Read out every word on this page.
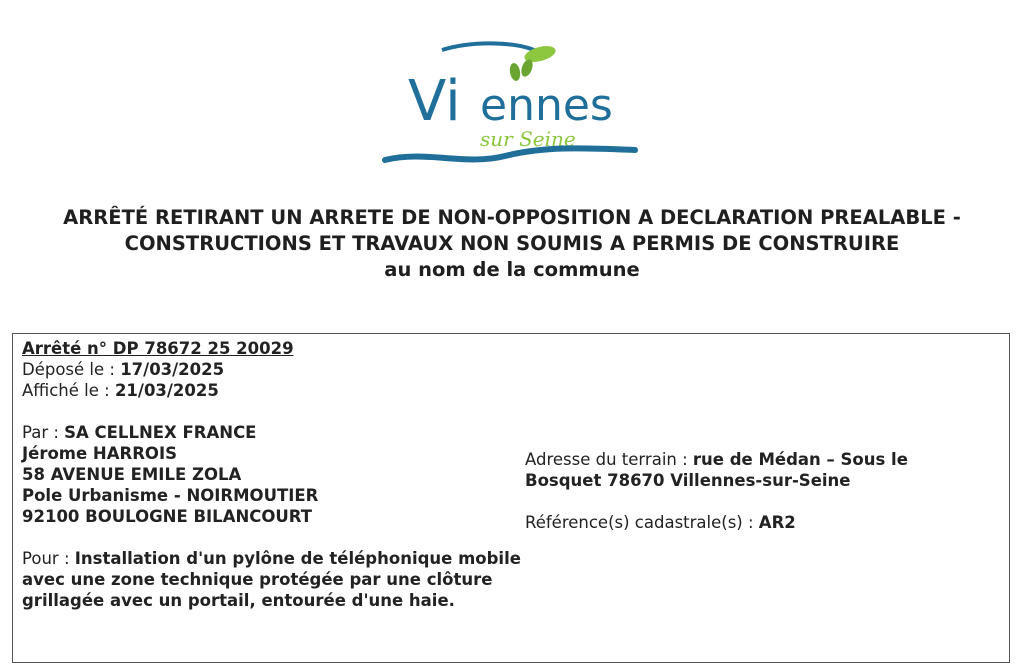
Vi ennes
sur Seine
ARRÊTÉ RETIRANT UN ARRETE DE NON-OPPOSITION A DECLARATION PREALABLE - CONSTRUCTIONS ET TRAVAUX NON SOUMIS A PERMIS DE CONSTRUIRE
au nom de la commune
Arrêté n° DP 78672 25 20029
Déposé le : 17/03/2025
Affiché le : 21/03/2025
Par : SA CELLNEX FRANCE
Jérome HARROIS
58 AVENUE EMILE ZOLA
Pole Urbanisme - NOIRMOUTIER
92100 BOULOGNE BILANCOURT
Pour : Installation d'un pylône de téléphonique mobile avec une zone technique protégée par une clôture grillagée avec un portail, entourée d'une haie.
Adresse du terrain : rue de Médan – Sous le Bosquet 78670 Villennes-sur-Seine
Référence(s) cadastrale(s) : AR2
